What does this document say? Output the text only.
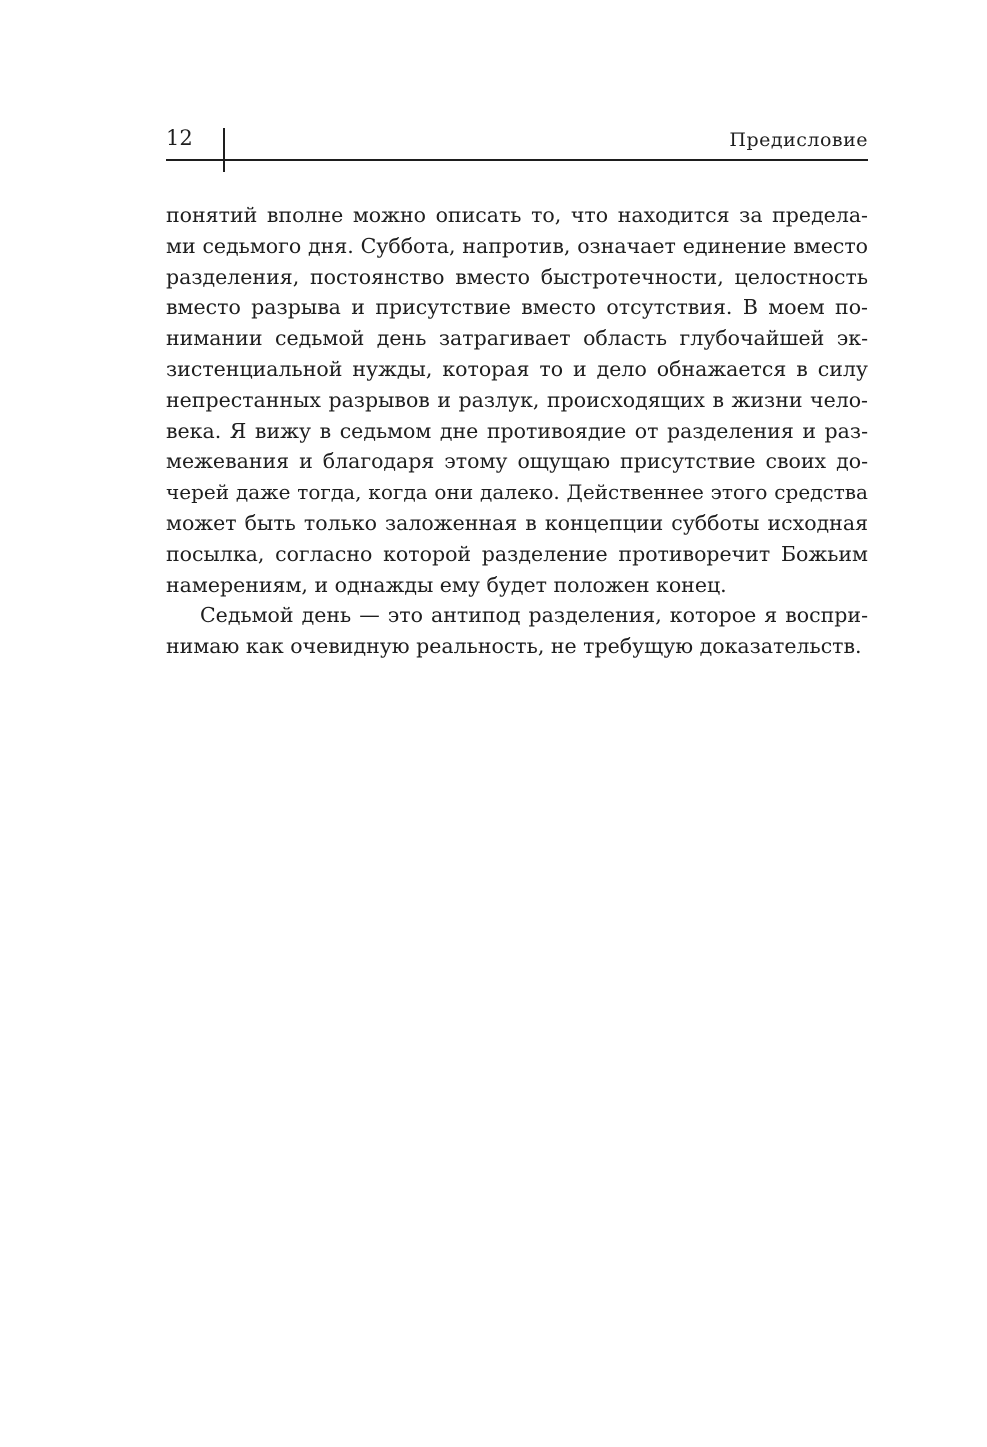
12	Предисловие
понятий вполне можно описать то, что находится за предела-
ми седьмого дня. Суббота, напротив, означает единение вместо
разделения, постоянство вместо быстротечности, целостность
вместо разрыва и присутствие вместо отсутствия. В моем по-
нимании седьмой день затрагивает область глубочайшей эк-
зистенциальной нужды, которая то и дело обнажается в силу
непрестанных разрывов и разлук, происходящих в жизни чело-
века. Я вижу в седьмом дне противоядие от разделения и раз-
межевания и благодаря этому ощущаю присутствие своих до-
черей даже тогда, когда они далеко. Действеннее этого средства
может быть только заложенная в концепции субботы исходная
посылка, согласно которой разделение противоречит Божьим
намерениям, и однажды ему будет положен конец.
Седьмой день — это антипод разделения, которое я воспри-
нимаю как очевидную реальность, не требущую доказательств.
